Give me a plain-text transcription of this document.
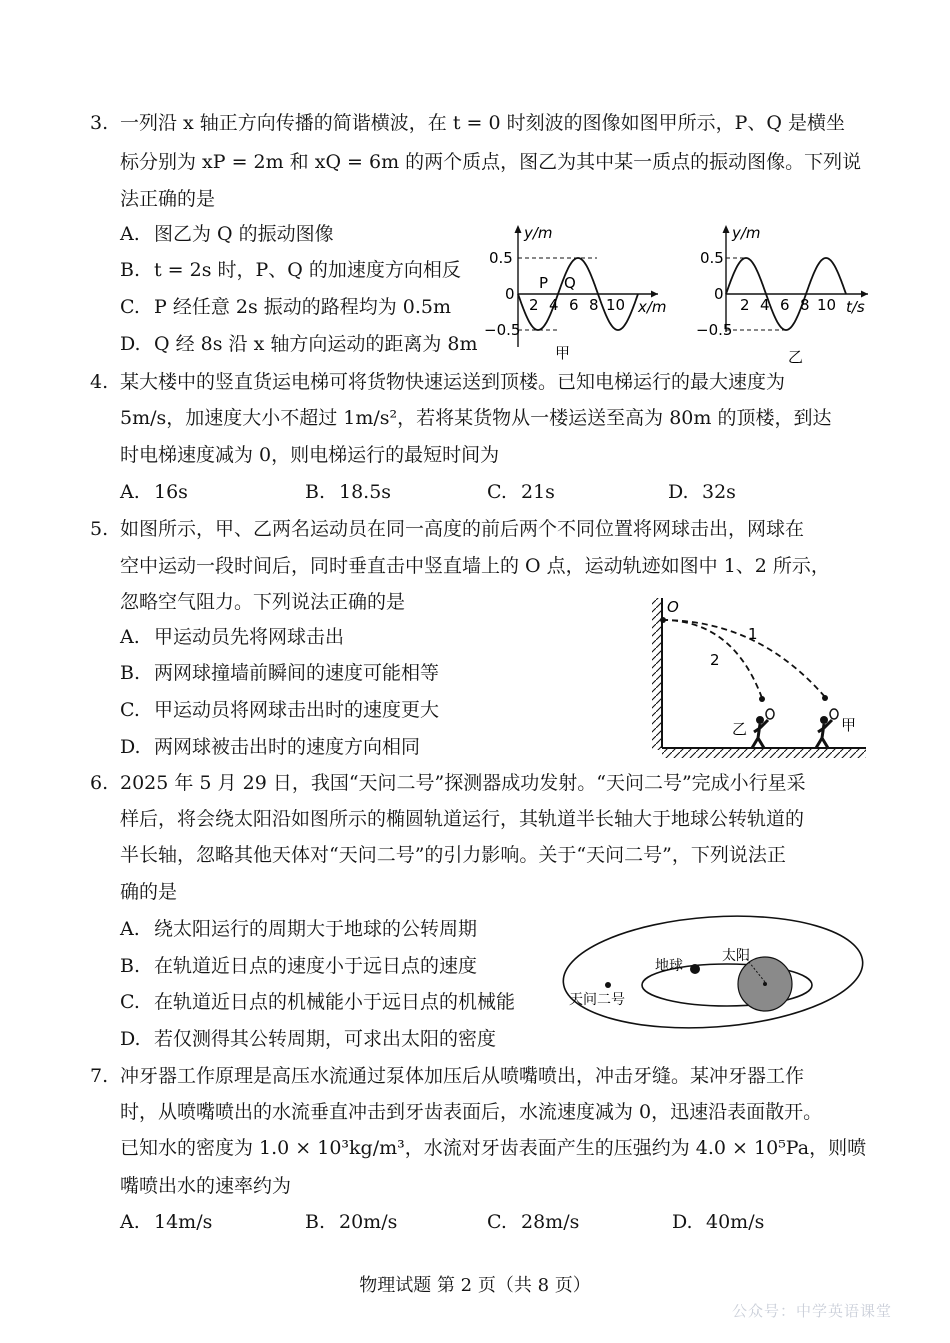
3. 一列沿 x 轴正方向传播的简谐横波，在 t = 0 时刻波的图像如图甲所示，P、Q 是横坐
标分别为 xP = 2m 和 xQ = 6m 的两个质点，图乙为其中某一质点的振动图像。下列说
法正确的是
A. 图乙为 Q 的振动图像
B. t = 2s 时，P、Q 的加速度方向相反
C. P 经任意 2s 振动的路程均为 0.5m
D. Q 经 8s 沿 x 轴方向运动的距离为 8m
y/m
x/m
0.5
−0.5
0
2 4 6 8 10
P Q
甲
y/m
t/s
0.5
−0.5
0
2 4 6 8 10
乙
4. 某大楼中的竖直货运电梯可将货物快速运送到顶楼。已知电梯运行的最大速度为
5m/s，加速度大小不超过 1m/s²，若将某货物从一楼运送至高为 80m 的顶楼，到达
时电梯速度减为 0，则电梯运行的最短时间为
A. 16s	B. 18.5s	C. 21s	D. 32s
5. 如图所示，甲、乙两名运动员在同一高度的前后两个不同位置将网球击出，网球在
空中运动一段时间后，同时垂直击中竖直墙上的 O 点，运动轨迹如图中 1、2 所示，
忽略空气阻力。下列说法正确的是
A. 甲运动员先将网球击出
B. 两网球撞墙前瞬间的速度可能相等
C. 甲运动员将网球击出时的速度更大
D. 两网球被击出时的速度方向相同
O
1
2
乙	甲
6. 2025 年 5 月 29 日，我国“天问二号”探测器成功发射。“天问二号”完成小行星采
样后，将会绕太阳沿如图所示的椭圆轨道运行，其轨道半长轴大于地球公转轨道的
半长轴，忽略其他天体对“天问二号”的引力影响。关于“天问二号”，下列说法正
确的是
A. 绕太阳运行的周期大于地球的公转周期
B. 在轨道近日点的速度小于远日点的速度
C. 在轨道近日点的机械能小于远日点的机械能
D. 若仅测得其公转周期，可求出太阳的密度
地球
太阳
天问二号
7. 冲牙器工作原理是高压水流通过泵体加压后从喷嘴喷出，冲击牙缝。某冲牙器工作
时，从喷嘴喷出的水流垂直冲击到牙齿表面后，水流速度减为 0，迅速沿表面散开。
已知水的密度为 1.0 × 10³kg/m³，水流对牙齿表面产生的压强约为 4.0 × 10⁵Pa，则喷
嘴喷出水的速率约为
A. 14m/s	B. 20m/s	C. 28m/s	D. 40m/s
物理试题 第 2 页（共 8 页）
公众号：中学英语课堂
